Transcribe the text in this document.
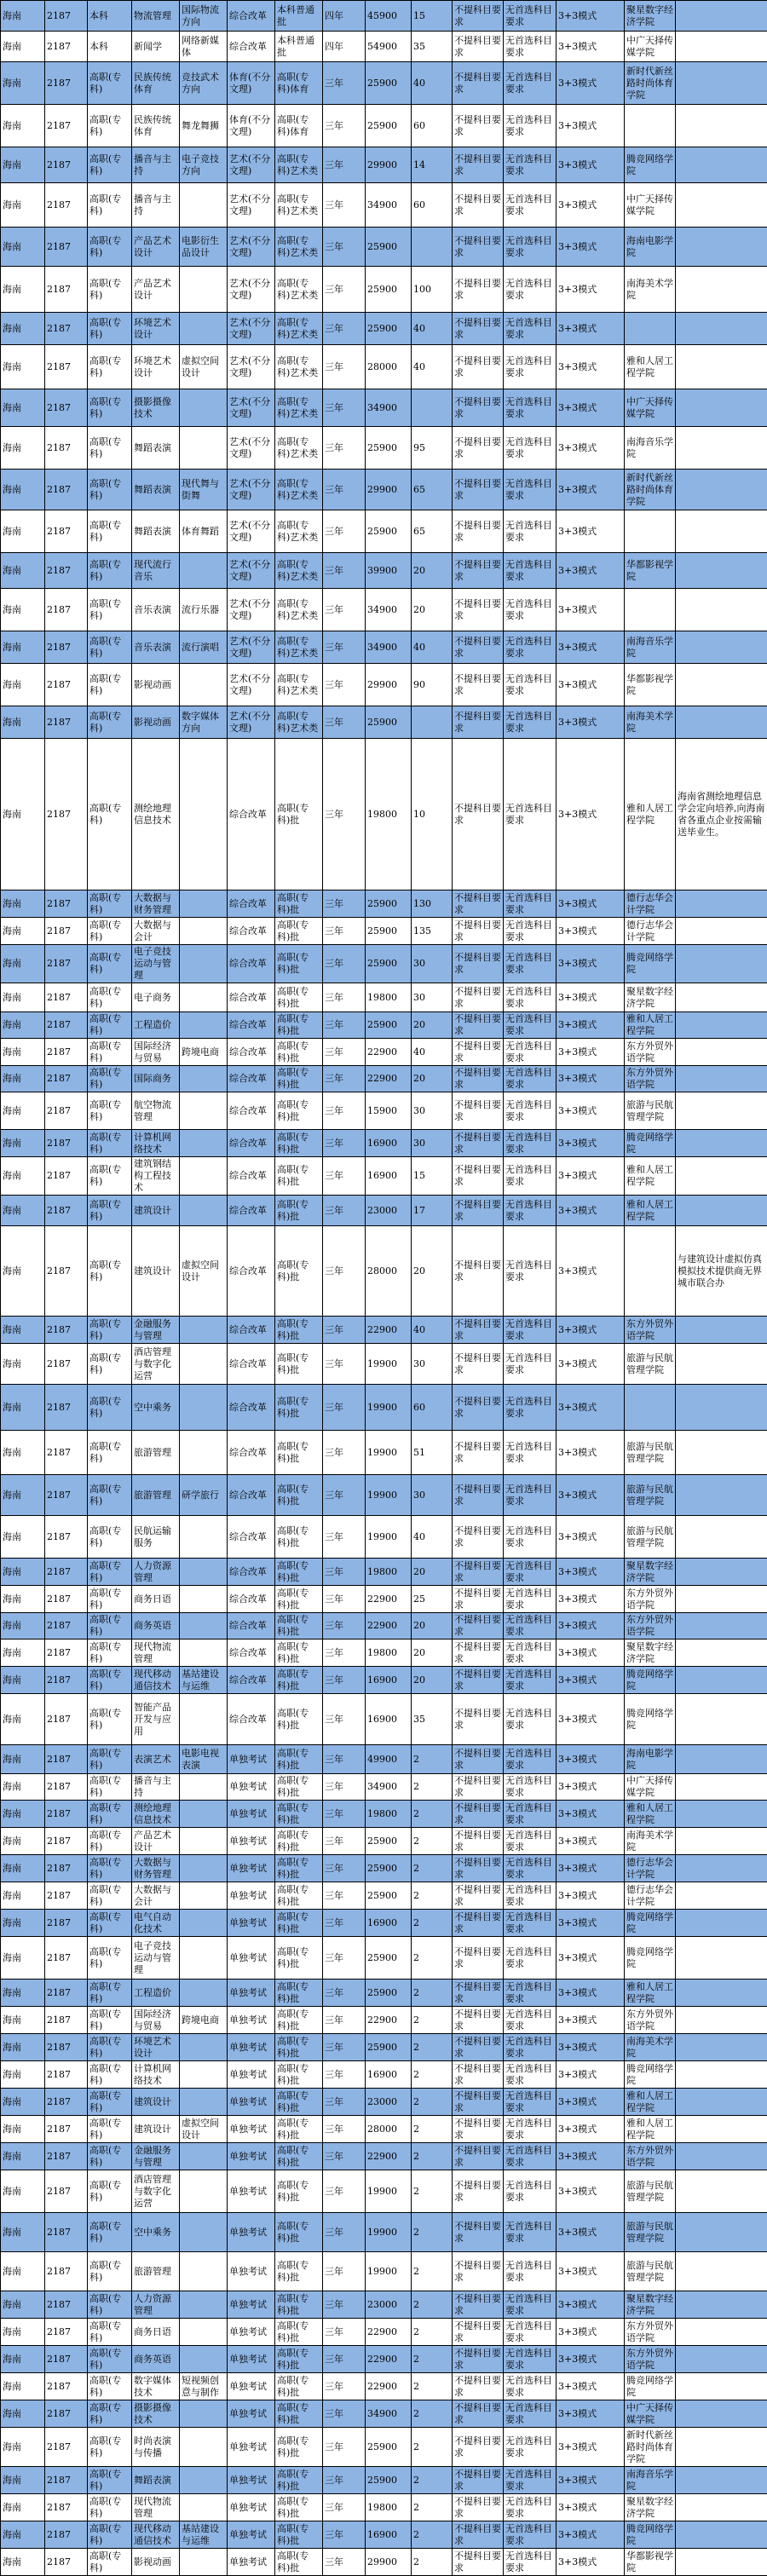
海南	2187	本科	物流管理	国际物流方向	综合改革	本科普通批	四年	45900	15	不提科目要求	无首选科目要求	3+3模式	聚星数字经济学院	
海南	2187	本科	新闻学	网络新媒体	综合改革	本科普通批	四年	54900	35	不提科目要求	无首选科目要求	3+3模式	中广天择传媒学院	
海南	2187	高职(专科)	民族传统体育	竞技武术方向	体育(不分文理)	高职(专科)体育	三年	25900	40	不提科目要求	无首选科目要求	3+3模式	新时代新丝路时尚体育学院	
海南	2187	高职(专科)	民族传统体育	舞龙舞狮	体育(不分文理)	高职(专科)体育	三年	25900	60	不提科目要求	无首选科目要求	3+3模式		
海南	2187	高职(专科)	播音与主持	电子竞技方向	艺术(不分文理)	高职(专科)艺术类	三年	29900	14	不提科目要求	无首选科目要求	3+3模式	腾竞网络学院	
海南	2187	高职(专科)	播音与主持		艺术(不分文理)	高职(专科)艺术类	三年	34900	60	不提科目要求	无首选科目要求	3+3模式	中广天择传媒学院	
海南	2187	高职(专科)	产品艺术设计	电影衍生品设计	艺术(不分文理)	高职(专科)艺术类	三年	25900		不提科目要求	无首选科目要求	3+3模式	海南电影学院	
海南	2187	高职(专科)	产品艺术设计		艺术(不分文理)	高职(专科)艺术类	三年	25900	100	不提科目要求	无首选科目要求	3+3模式	南海美术学院	
海南	2187	高职(专科)	环境艺术设计		艺术(不分文理)	高职(专科)艺术类	三年	25900	40	不提科目要求	无首选科目要求	3+3模式		
海南	2187	高职(专科)	环境艺术设计	虚拟空间设计	艺术(不分文理)	高职(专科)艺术类	三年	28000	40	不提科目要求	无首选科目要求	3+3模式	雅和人居工程学院	
海南	2187	高职(专科)	摄影摄像技术		艺术(不分文理)	高职(专科)艺术类	三年	34900		不提科目要求	无首选科目要求	3+3模式	中广天择传媒学院	
海南	2187	高职(专科)	舞蹈表演		艺术(不分文理)	高职(专科)艺术类	三年	25900	95	不提科目要求	无首选科目要求	3+3模式	南海音乐学院	
海南	2187	高职(专科)	舞蹈表演	现代舞与街舞	艺术(不分文理)	高职(专科)艺术类	三年	29900	65	不提科目要求	无首选科目要求	3+3模式	新时代新丝路时尚体育学院	
海南	2187	高职(专科)	舞蹈表演	体育舞蹈	艺术(不分文理)	高职(专科)艺术类	三年	25900	65	不提科目要求	无首选科目要求	3+3模式		
海南	2187	高职(专科)	现代流行音乐		艺术(不分文理)	高职(专科)艺术类	三年	39900	20	不提科目要求	无首选科目要求	3+3模式	华都影视学院	
海南	2187	高职(专科)	音乐表演	流行乐器	艺术(不分文理)	高职(专科)艺术类	三年	34900	20	不提科目要求	无首选科目要求	3+3模式		
海南	2187	高职(专科)	音乐表演	流行演唱	艺术(不分文理)	高职(专科)艺术类	三年	34900	40	不提科目要求	无首选科目要求	3+3模式	南海音乐学院	
海南	2187	高职(专科)	影视动画		艺术(不分文理)	高职(专科)艺术类	三年	29900	90	不提科目要求	无首选科目要求	3+3模式	华都影视学院	
海南	2187	高职(专科)	影视动画	数字媒体方向	艺术(不分文理)	高职(专科)艺术类	三年	25900		不提科目要求	无首选科目要求	3+3模式	南海美术学院	
海南	2187	高职(专科)	测绘地理信息技术		综合改革	高职(专科)批	三年	19800	10	不提科目要求	无首选科目要求	3+3模式	雅和人居工程学院	海南省测绘地理信息学会定向培养,向海南省各重点企业按需输送毕业生。
海南	2187	高职(专科)	大数据与财务管理		综合改革	高职(专科)批	三年	25900	130	不提科目要求	无首选科目要求	3+3模式	德行志华会计学院	
海南	2187	高职(专科)	大数据与会计		综合改革	高职(专科)批	三年	25900	135	不提科目要求	无首选科目要求	3+3模式	德行志华会计学院	
海南	2187	高职(专科)	电子竞技运动与管理		综合改革	高职(专科)批	三年	25900	30	不提科目要求	无首选科目要求	3+3模式	腾竞网络学院	
海南	2187	高职(专科)	电子商务		综合改革	高职(专科)批	三年	19800	30	不提科目要求	无首选科目要求	3+3模式	聚星数字经济学院	
海南	2187	高职(专科)	工程造价		综合改革	高职(专科)批	三年	25900	20	不提科目要求	无首选科目要求	3+3模式	雅和人居工程学院	
海南	2187	高职(专科)	国际经济与贸易	跨境电商	综合改革	高职(专科)批	三年	22900	40	不提科目要求	无首选科目要求	3+3模式	东方外贸外语学院	
海南	2187	高职(专科)	国际商务		综合改革	高职(专科)批	三年	22900	20	不提科目要求	无首选科目要求	3+3模式	东方外贸外语学院	
海南	2187	高职(专科)	航空物流管理		综合改革	高职(专科)批	三年	15900	30	不提科目要求	无首选科目要求	3+3模式	旅游与民航管理学院	
海南	2187	高职(专科)	计算机网络技术		综合改革	高职(专科)批	三年	16900	30	不提科目要求	无首选科目要求	3+3模式	腾竞网络学院	
海南	2187	高职(专科)	建筑钢结构工程技术		综合改革	高职(专科)批	三年	16900	15	不提科目要求	无首选科目要求	3+3模式	雅和人居工程学院	
海南	2187	高职(专科)	建筑设计		综合改革	高职(专科)批	三年	23000	17	不提科目要求	无首选科目要求	3+3模式	雅和人居工程学院	
海南	2187	高职(专科)	建筑设计	虚拟空间设计	综合改革	高职(专科)批	三年	28000	20	不提科目要求	无首选科目要求	3+3模式		与建筑设计虚拟仿真模拟技术提供商无界城市联合办
海南	2187	高职(专科)	金融服务与管理		综合改革	高职(专科)批	三年	22900	40	不提科目要求	无首选科目要求	3+3模式	东方外贸外语学院	
海南	2187	高职(专科)	酒店管理与数字化运营		综合改革	高职(专科)批	三年	19900	30	不提科目要求	无首选科目要求	3+3模式	旅游与民航管理学院	
海南	2187	高职(专科)	空中乘务		综合改革	高职(专科)批	三年	19900	60	不提科目要求	无首选科目要求	3+3模式		
海南	2187	高职(专科)	旅游管理		综合改革	高职(专科)批	三年	19900	51	不提科目要求	无首选科目要求	3+3模式	旅游与民航管理学院	
海南	2187	高职(专科)	旅游管理	研学旅行	综合改革	高职(专科)批	三年	19900	30	不提科目要求	无首选科目要求	3+3模式	旅游与民航管理学院	
海南	2187	高职(专科)	民航运输服务		综合改革	高职(专科)批	三年	19900	40	不提科目要求	无首选科目要求	3+3模式	旅游与民航管理学院	
海南	2187	高职(专科)	人力资源管理		综合改革	高职(专科)批	三年	19800	20	不提科目要求	无首选科目要求	3+3模式	聚星数字经济学院	
海南	2187	高职(专科)	商务日语		综合改革	高职(专科)批	三年	22900	25	不提科目要求	无首选科目要求	3+3模式	东方外贸外语学院	
海南	2187	高职(专科)	商务英语		综合改革	高职(专科)批	三年	22900	20	不提科目要求	无首选科目要求	3+3模式	东方外贸外语学院	
海南	2187	高职(专科)	现代物流管理		综合改革	高职(专科)批	三年	19800	20	不提科目要求	无首选科目要求	3+3模式	聚星数字经济学院	
海南	2187	高职(专科)	现代移动通信技术	基站建设与运维	综合改革	高职(专科)批	三年	16900	20	不提科目要求	无首选科目要求	3+3模式	腾竞网络学院	
海南	2187	高职(专科)	智能产品开发与应用		综合改革	高职(专科)批	三年	16900	35	不提科目要求	无首选科目要求	3+3模式	腾竞网络学院	
海南	2187	高职(专科)	表演艺术	电影电视表演	单独考试	高职(专科)批	三年	49900	2	不提科目要求	无首选科目要求	3+3模式	海南电影学院	
海南	2187	高职(专科)	播音与主持		单独考试	高职(专科)批	三年	34900	2	不提科目要求	无首选科目要求	3+3模式	中广天择传媒学院	
海南	2187	高职(专科)	测绘地理信息技术		单独考试	高职(专科)批	三年	19800	2	不提科目要求	无首选科目要求	3+3模式	雅和人居工程学院	
海南	2187	高职(专科)	产品艺术设计		单独考试	高职(专科)批	三年	25900	2	不提科目要求	无首选科目要求	3+3模式	南海美术学院	
海南	2187	高职(专科)	大数据与财务管理		单独考试	高职(专科)批	三年	25900	2	不提科目要求	无首选科目要求	3+3模式	德行志华会计学院	
海南	2187	高职(专科)	大数据与会计		单独考试	高职(专科)批	三年	25900	2	不提科目要求	无首选科目要求	3+3模式	德行志华会计学院	
海南	2187	高职(专科)	电气自动化技术		单独考试	高职(专科)批	三年	16900	2	不提科目要求	无首选科目要求	3+3模式	腾竞网络学院	
海南	2187	高职(专科)	电子竞技运动与管理		单独考试	高职(专科)批	三年	25900	2	不提科目要求	无首选科目要求	3+3模式	腾竞网络学院	
海南	2187	高职(专科)	工程造价		单独考试	高职(专科)批	三年	25900	2	不提科目要求	无首选科目要求	3+3模式	雅和人居工程学院	
海南	2187	高职(专科)	国际经济与贸易	跨境电商	单独考试	高职(专科)批	三年	22900	2	不提科目要求	无首选科目要求	3+3模式	东方外贸外语学院	
海南	2187	高职(专科)	环境艺术设计		单独考试	高职(专科)批	三年	25900	2	不提科目要求	无首选科目要求	3+3模式	南海美术学院	
海南	2187	高职(专科)	计算机网络技术		单独考试	高职(专科)批	三年	16900	2	不提科目要求	无首选科目要求	3+3模式	腾竞网络学院	
海南	2187	高职(专科)	建筑设计		单独考试	高职(专科)批	三年	23000	2	不提科目要求	无首选科目要求	3+3模式	雅和人居工程学院	
海南	2187	高职(专科)	建筑设计	虚拟空间设计	单独考试	高职(专科)批	三年	28000	2	不提科目要求	无首选科目要求	3+3模式	雅和人居工程学院	
海南	2187	高职(专科)	金融服务与管理		单独考试	高职(专科)批	三年	22900	2	不提科目要求	无首选科目要求	3+3模式	东方外贸外语学院	
海南	2187	高职(专科)	酒店管理与数字化运营		单独考试	高职(专科)批	三年	19900	2	不提科目要求	无首选科目要求	3+3模式	旅游与民航管理学院	
海南	2187	高职(专科)	空中乘务		单独考试	高职(专科)批	三年	19900	2	不提科目要求	无首选科目要求	3+3模式	旅游与民航管理学院	
海南	2187	高职(专科)	旅游管理		单独考试	高职(专科)批	三年	19900	2	不提科目要求	无首选科目要求	3+3模式	旅游与民航管理学院	
海南	2187	高职(专科)	人力资源管理		单独考试	高职(专科)批	三年	23000	2	不提科目要求	无首选科目要求	3+3模式	聚星数字经济学院	
海南	2187	高职(专科)	商务日语		单独考试	高职(专科)批	三年	22900	2	不提科目要求	无首选科目要求	3+3模式	东方外贸外语学院	
海南	2187	高职(专科)	商务英语		单独考试	高职(专科)批	三年	22900	2	不提科目要求	无首选科目要求	3+3模式	东方外贸外语学院	
海南	2187	高职(专科)	数字媒体技术	短视频创意与制作	单独考试	高职(专科)批	三年	22900	2	不提科目要求	无首选科目要求	3+3模式	腾竞网络学院	
海南	2187	高职(专科)	摄影摄像技术		单独考试	高职(专科)批	三年	34900	2	不提科目要求	无首选科目要求	3+3模式	中广天择传媒学院	
海南	2187	高职(专科)	时尚表演与传播		单独考试	高职(专科)批	三年	25900	2	不提科目要求	无首选科目要求	3+3模式	新时代新丝路时尚体育学院	
海南	2187	高职(专科)	舞蹈表演		单独考试	高职(专科)批	三年	25900	2	不提科目要求	无首选科目要求	3+3模式	南海音乐学院	
海南	2187	高职(专科)	现代物流管理		单独考试	高职(专科)批	三年	19800	2	不提科目要求	无首选科目要求	3+3模式	聚星数字经济学院	
海南	2187	高职(专科)	现代移动通信技术	基站建设与运维	单独考试	高职(专科)批	三年	16900	2	不提科目要求	无首选科目要求	3+3模式	腾竞网络学院	
海南	2187	高职(专科)	影视动画		单独考试	高职(专科)批	三年	29900	2	不提科目要求	无首选科目要求	3+3模式	华都影视学院	
